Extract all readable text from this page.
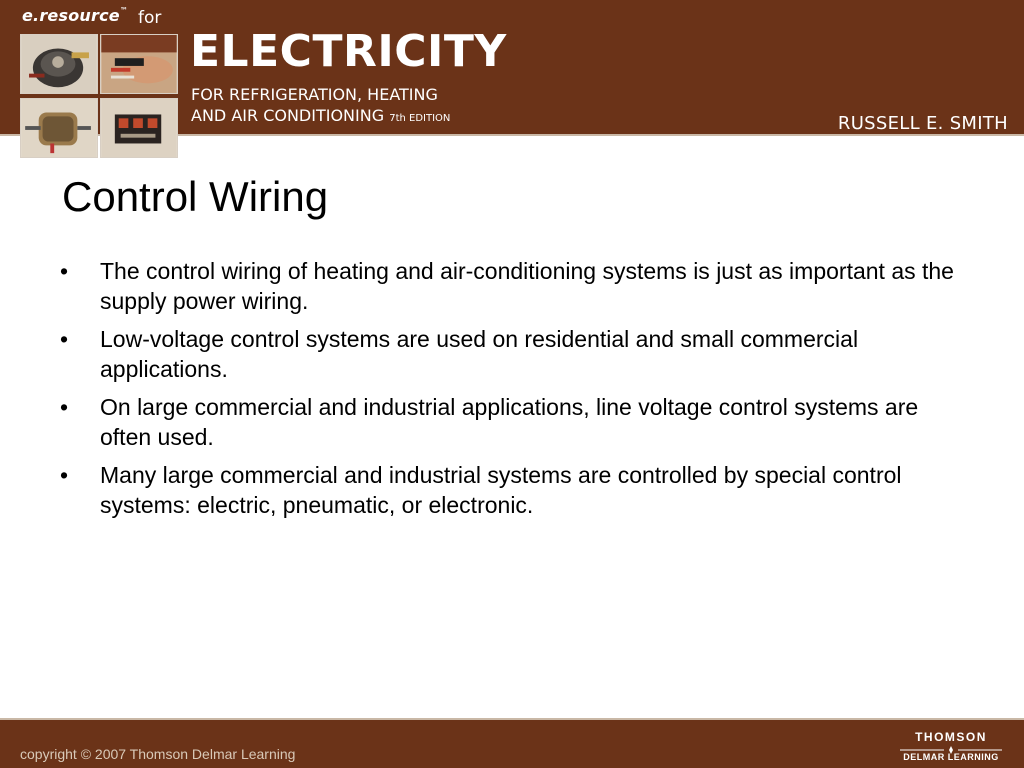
e.resource™ for
ELECTRICITY
FOR REFRIGERATION, HEATING
AND AIR CONDITIONING 7th EDITION	RUSSELL E. SMITH
Control Wiring
•	The control wiring of heating and air-conditioning systems is just as important as the supply power wiring.
•	Low-voltage control systems are used on residential and small commercial applications.
•	On large commercial and industrial applications, line voltage control systems are often used.
•	Many large commercial and industrial systems are controlled by special control systems: electric, pneumatic, or electronic.
copyright © 2007 Thomson Delmar Learning
THOMSON
DELMAR LEARNING
